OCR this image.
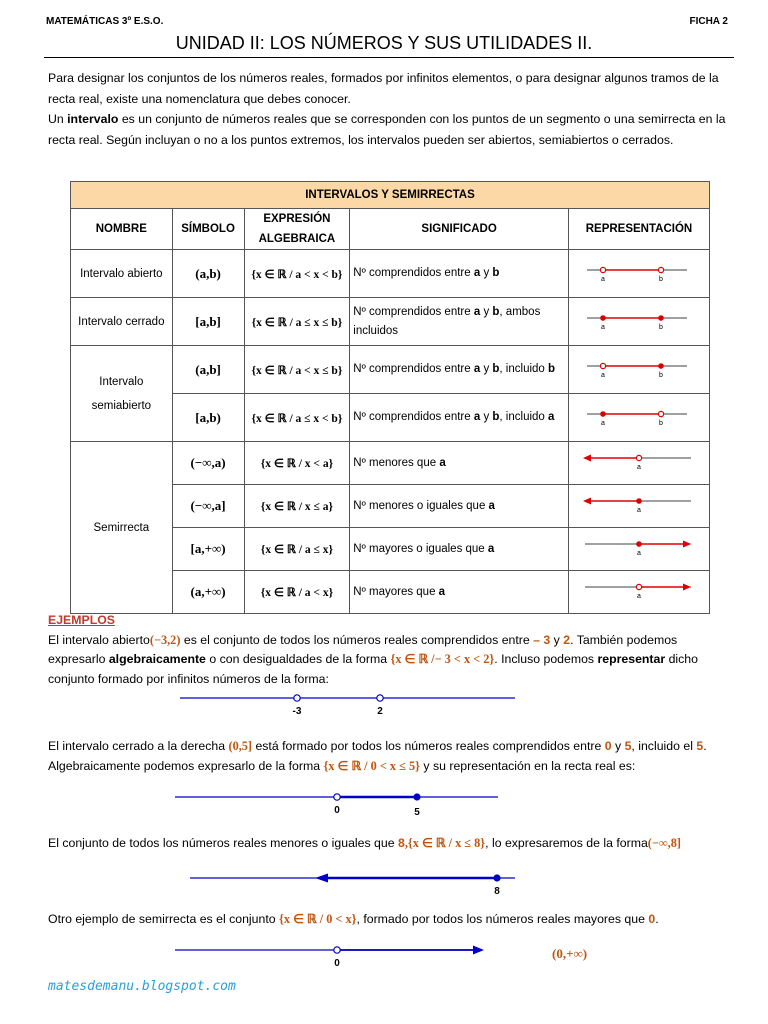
MATEMÁTICAS 3º E.S.O.	FICHA 2
UNIDAD II: LOS NÚMEROS Y SUS UTILIDADES II.

Para designar los conjuntos de los números reales, formados por infinitos elementos, o para designar algunos tramos de la recta real, existe una nomenclatura que debes conocer.

Un intervalo es un conjunto de números reales que se corresponden con los puntos de un segmento o una semirrecta en la recta real. Según incluyan o no a los puntos extremos, los intervalos pueden ser abiertos, semiabiertos o cerrados.

INTERVALOS Y SEMIRRECTAS				
NOMBRE	SÍMBOLO	EXPRESIÓN ALGEBRAICA	SIGNIFICADO	REPRESENTACIÓN
Intervalo abierto	(a,b)	{x ∈ ℝ / a < x < b}	Nº comprendidos entre a y b	a b

Intervalo cerrado	[a,b]	{x ∈ ℝ / a ≤ x ≤ b}	Nº comprendidos entre a y b, ambos incluidos	a b

Intervalo semiabierto	(a,b]	{x ∈ ℝ / a < x ≤ b}	Nº comprendidos entre a y b, incluido b	a b

	[a,b)	{x ∈ ℝ / a ≤ x < b}	Nº comprendidos entre a y b, incluido a	a b

Semirrecta	(−∞,a)	{x ∈ ℝ / x < a}	Nº menores que a	a

	(−∞,a]	{x ∈ ℝ / x ≤ a}	Nº menores o iguales que a	a

	[a,+∞)	{x ∈ ℝ / a ≤ x}	Nº mayores o iguales que a	a

	(a,+∞)	{x ∈ ℝ / a < x}	Nº mayores que a	a
EJEMPLOS

El intervalo abierto(−3,2) es el conjunto de todos los números reales comprendidos entre – 3 y 2. También podemos expresarlo algebraicamente o con desigualdades de la forma {x ∈ ℝ /− 3 < x < 2}. Incluso podemos representar dicho conjunto formado por infinitos números de la forma:

-3	2

El intervalo cerrado a la derecha (0,5] está formado por todos los números reales comprendidos entre 0 y 5, incluido el 5. Algebraicamente podemos expresarlo de la forma {x ∈ ℝ / 0 < x ≤ 5} y su representación en la recta real es:

0	5

El conjunto de todos los números reales menores o iguales que 8,{x ∈ ℝ / x ≤ 8}, lo expresaremos de la forma(−∞,8]

8

Otro ejemplo de semirrecta es el conjunto {x ∈ ℝ / 0 < x}, formado por todos los números reales mayores que 0.

0
(0,+∞)
matesdemanu.blogspot.com
